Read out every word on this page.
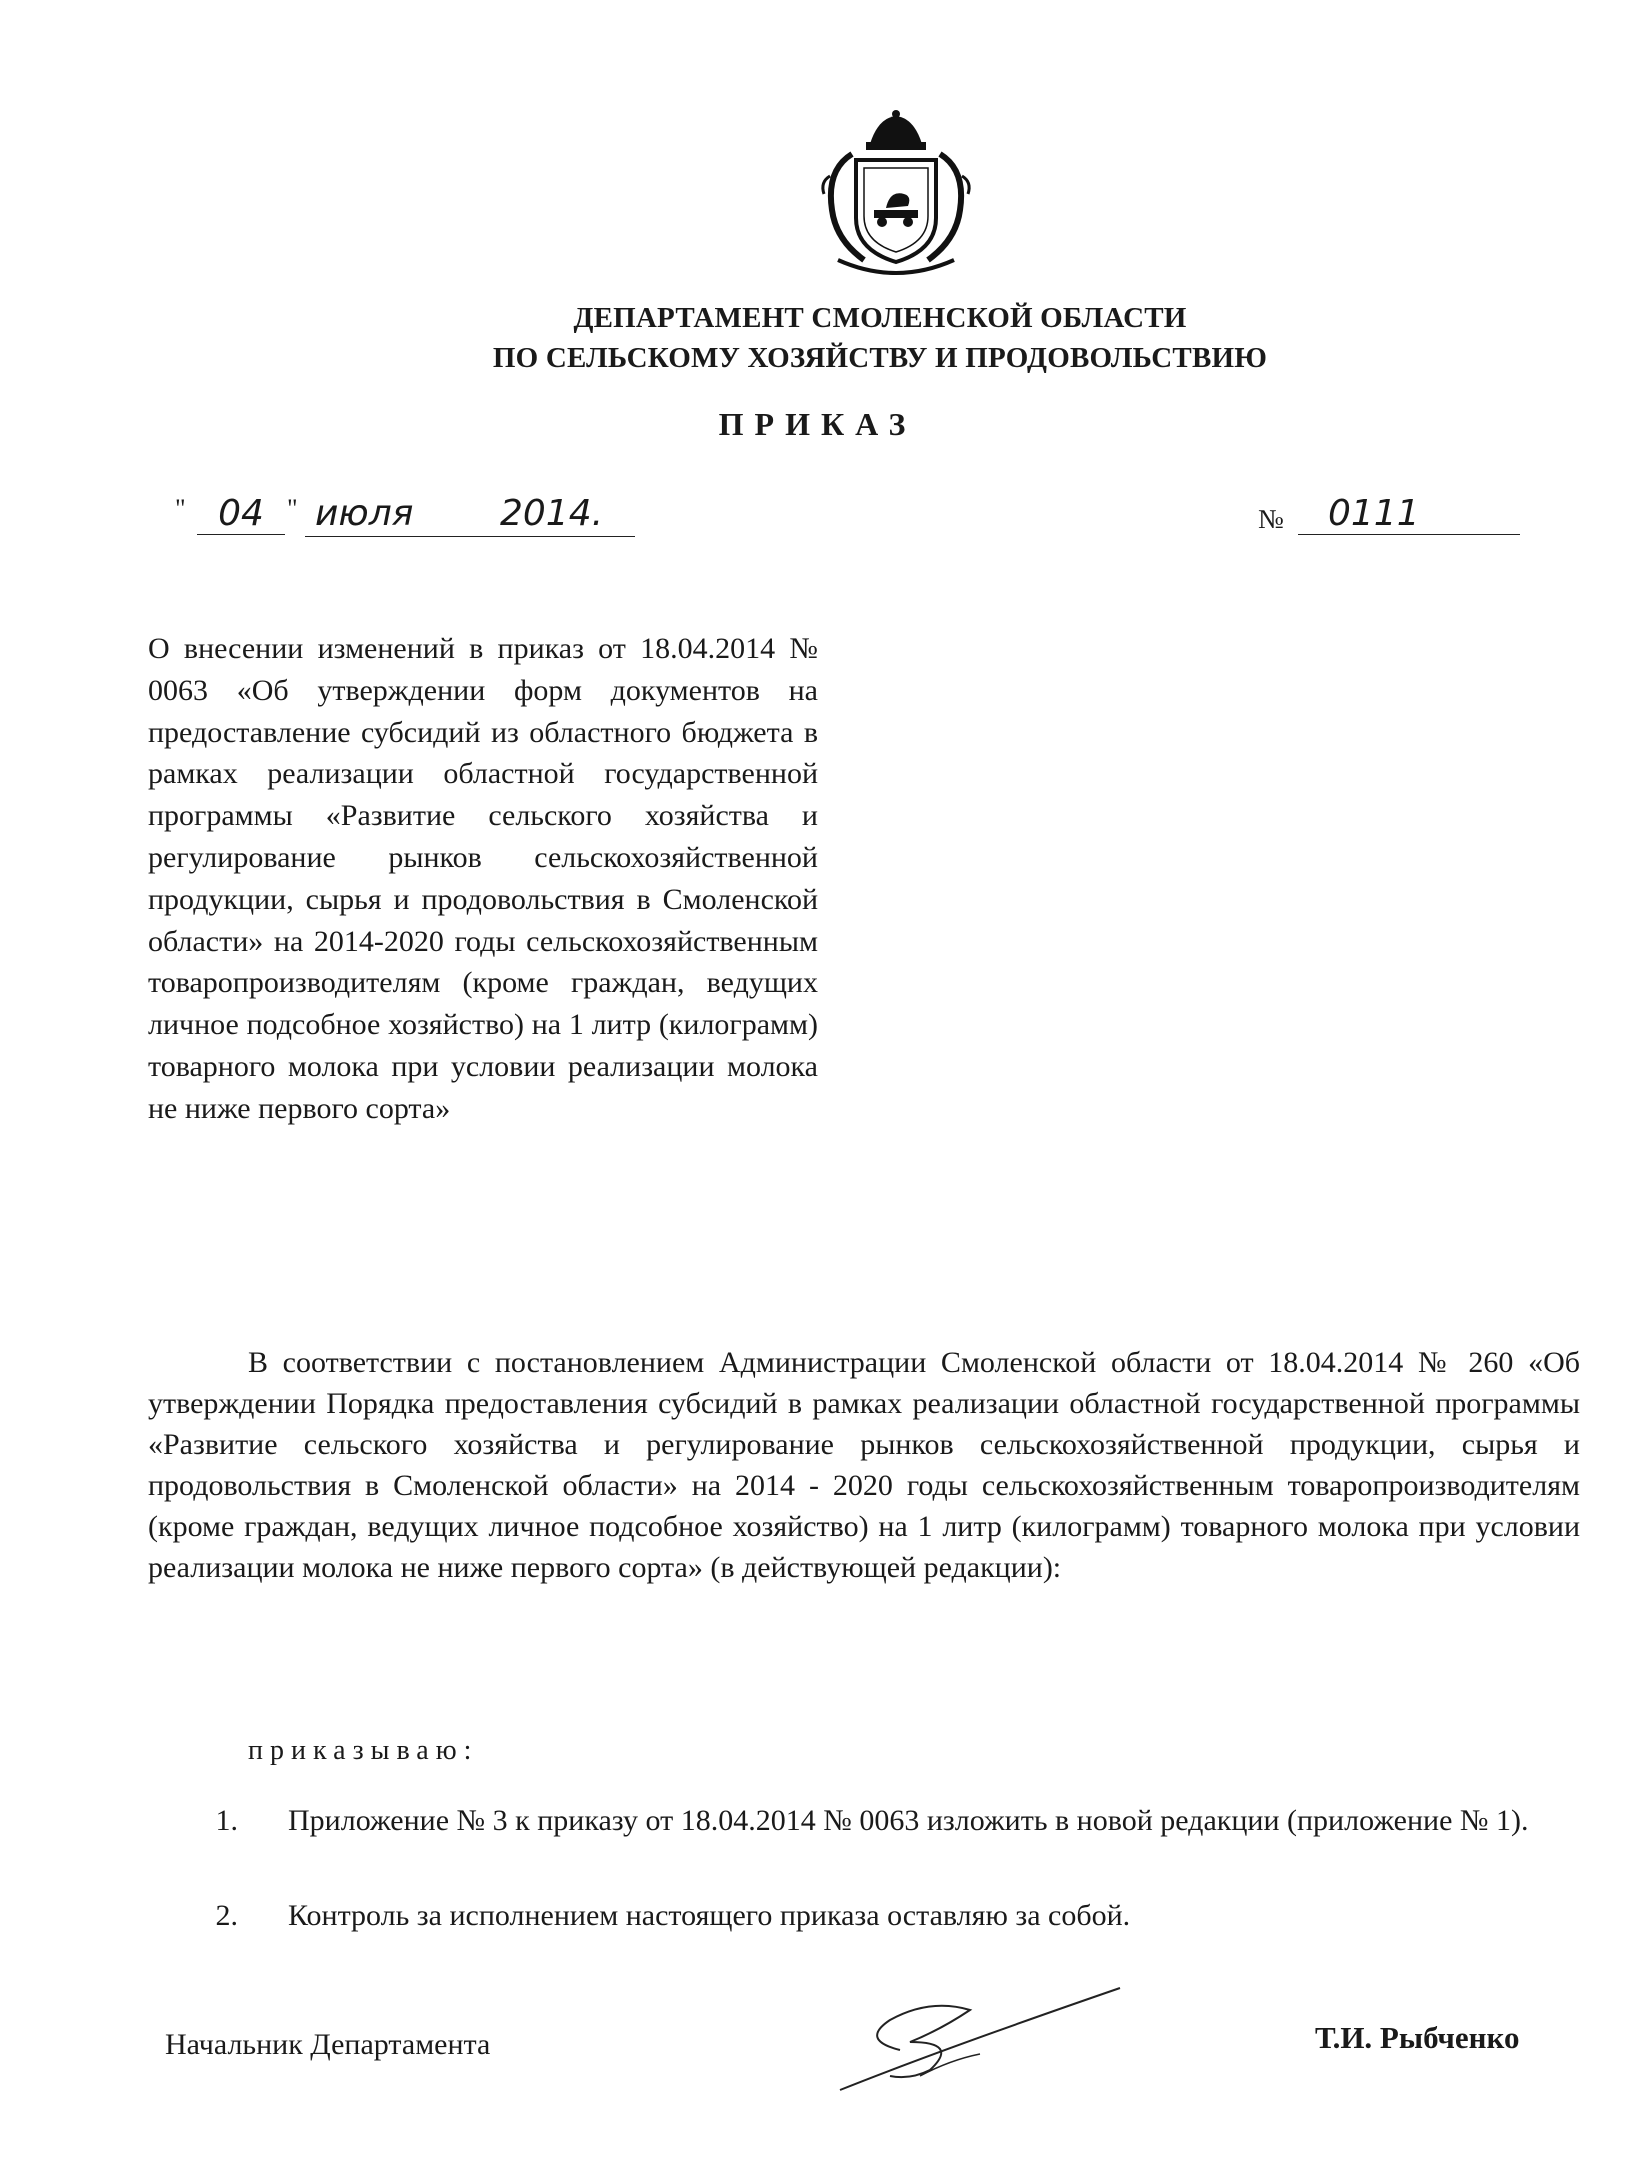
ДЕПАРТАМЕНТ СМОЛЕНСКОЙ ОБЛАСТИ
ПО СЕЛЬСКОМУ ХОЗЯЙСТВУ И ПРОДОВОЛЬСТВИЮ
ПРИКАЗ
" 04 " июля 2014.	№	0111
О внесении изменений в приказ от 18.04.2014 № 0063 «Об утверждении форм документов на предоставление субсидий из областного бюджета в рамках реализации областной государственной программы «Развитие сельского хозяйства и регулирование рынков сельскохозяйственной продукции, сырья и продовольствия в Смоленской области» на 2014-2020 годы сельскохозяйственным товаропроизводителям (кроме граждан, ведущих личное подсобное хозяйство) на 1 литр (килограмм) товарного молока при условии реализации молока не ниже первого сорта»
В соответствии с постановлением Администрации Смоленской области от 18.04.2014 № 260 «Об утверждении Порядка предоставления субсидий в рамках реализации областной государственной программы «Развитие сельского хозяйства и регулирование рынков сельскохозяйственной продукции, сырья и продовольствия в Смоленской области» на 2014 - 2020 годы сельскохозяйственным товаропроизводителям (кроме граждан, ведущих личное подсобное хозяйство) на 1 литр (килограмм) товарного молока при условии реализации молока не ниже первого сорта» (в действующей редакции):
приказываю:
1. Приложение № 3 к приказу от 18.04.2014 № 0063 изложить в новой редакции (приложение № 1).
2. Контроль за исполнением настоящего приказа оставляю за собой.
Начальник Департамента	Т.И. Рыбченко
